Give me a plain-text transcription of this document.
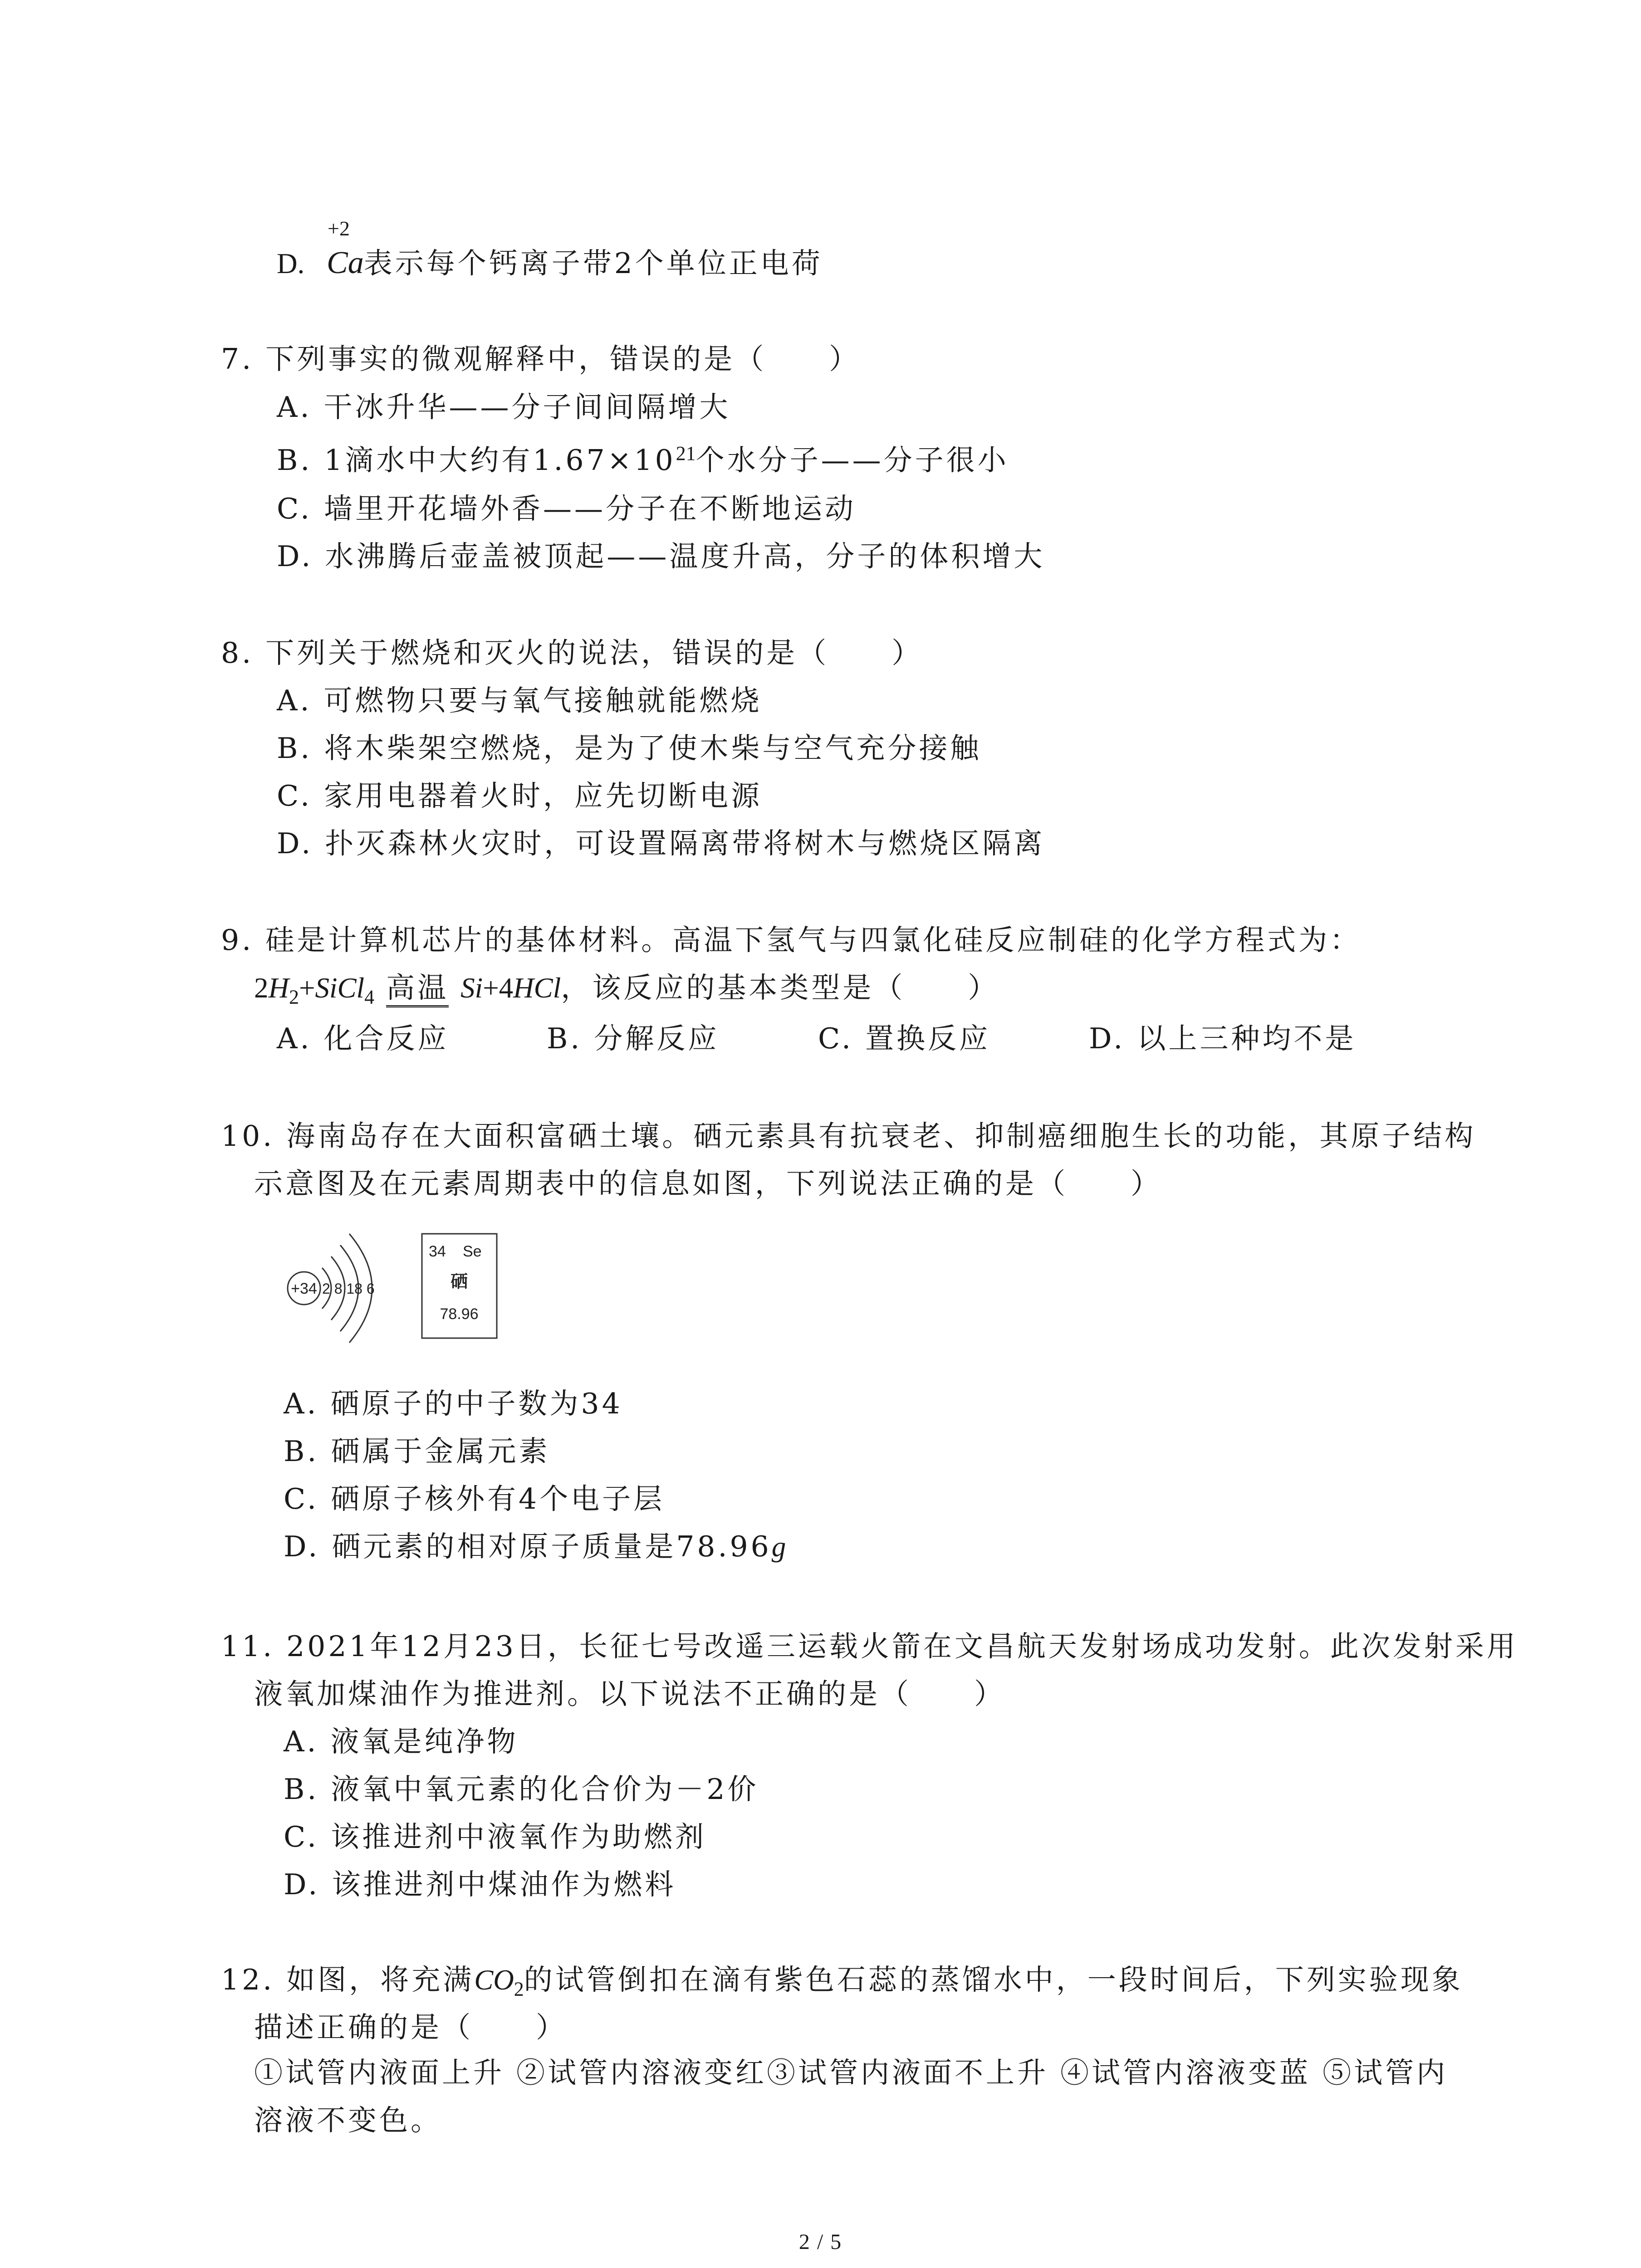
+2
D. Ca表示每个钙离子带2个单位正电荷
7. 下列事实的微观解释中，错误的是（　　）
A. 干冰升华——分子间间隔增大
B. 1滴水中大约有$1.67\times 10^{21}$个水分子——分子很小
C. 墙里开花墙外香——分子在不断地运动
D. 水沸腾后壶盖被顶起——温度升高，分子的体积增大
8. 下列关于燃烧和灭火的说法，错误的是（　　）
A. 可燃物只要与氧气接触就能燃烧
B. 将木柴架空燃烧，是为了使木柴与空气充分接触
C. 家用电器着火时，应先切断电源
D. 扑灭森林火灾时，可设置隔离带将树木与燃烧区隔离
9. 硅是计算机芯片的基体材料。高温下氢气与四氯化硅反应制硅的化学方程式为：
$2H_2+SiCl_4$ 高温 Si+4HCl，该反应的基本类型是（　　）
A. 化合反应	B. 分解反应	C. 置换反应	D. 以上三种均不是
10. 海南岛存在大面积富硒土壤。硒元素具有抗衰老、抑制癌细胞生长的功能，其原子结构
示意图及在元素周期表中的信息如图，下列说法正确的是（　　）
+34 2 8 18 6
34 Se
硒
78.96
A. 硒原子的中子数为34
B. 硒属于金属元素
C. 硒原子核外有4个电子层
D. 硒元素的相对原子质量是78.96g
11. 2021年12月23日，长征七号改遥三运载火箭在文昌航天发射场成功发射。此次发射采用
液氧加煤油作为推进剂。以下说法不正确的是（　　）
A. 液氧是纯净物
B. 液氧中氧元素的化合价为－2价
C. 该推进剂中液氧作为助燃剂
D. 该推进剂中煤油作为燃料
12. 如图，将充满$CO_2$的试管倒扣在滴有紫色石蕊的蒸馏水中，一段时间后，下列实验现象
描述正确的是（　　）
①试管内液面上升 ②试管内溶液变红③试管内液面不上升 ④试管内溶液变蓝 ⑤试管内
溶液不变色。
2 / 5
